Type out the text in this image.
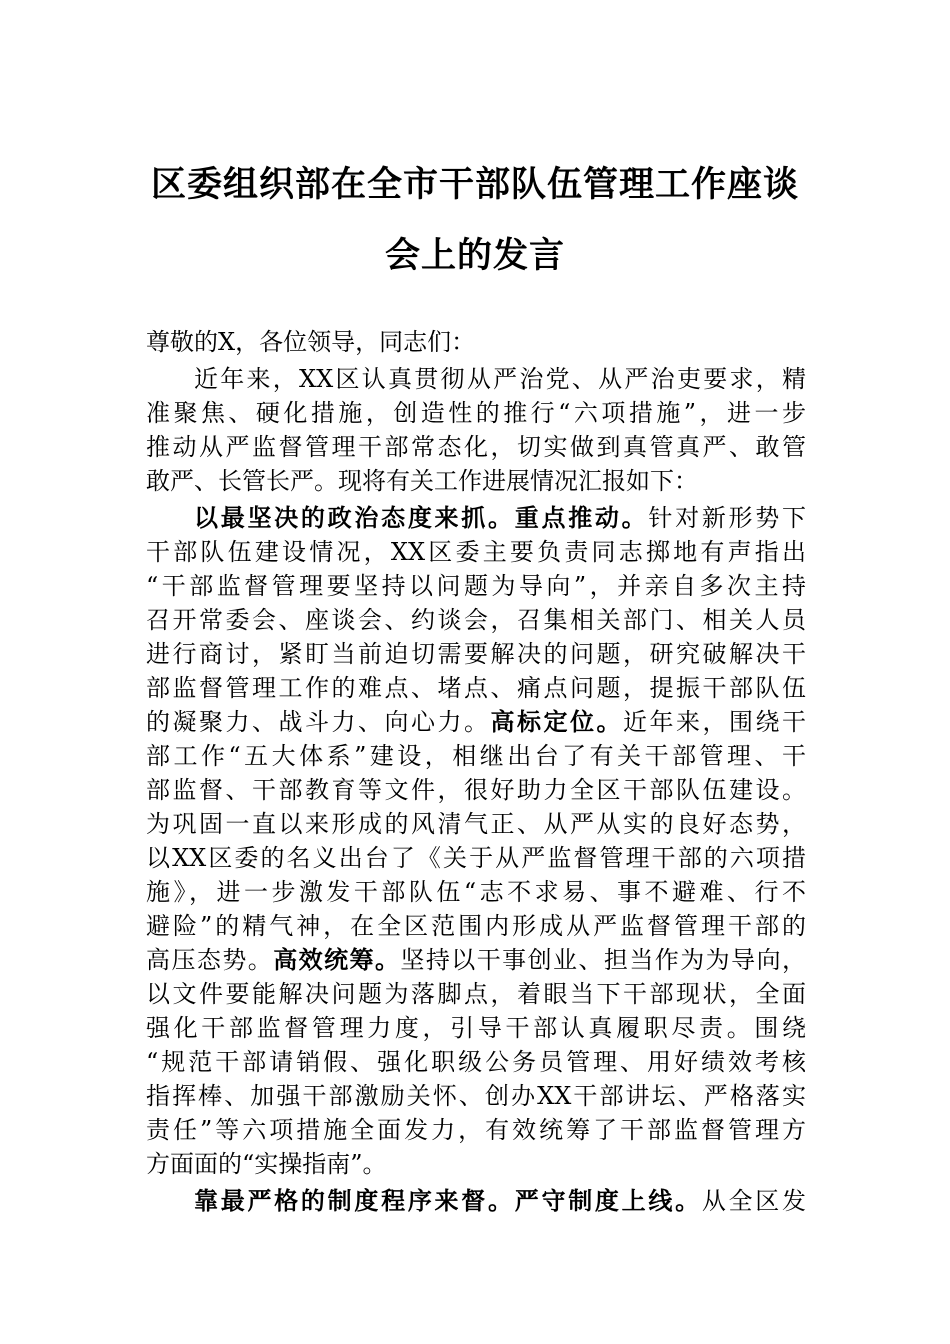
区委组织部在全市干部队伍管理工作座谈
会上的发言
尊敬的X，各位领导，同志们：
近年来，XX区认真贯彻从严治党、从严治吏要求，精
准聚焦、硬化措施，创造性的推行“六项措施”，进一步
推动从严监督管理干部常态化，切实做到真管真严、敢管
敢严、长管长严。现将有关工作进展情况汇报如下：
以最坚决的政治态度来抓。重点推动。针对新形势下
干部队伍建设情况，XX区委主要负责同志掷地有声指出
“干部监督管理要坚持以问题为导向”，并亲自多次主持
召开常委会、座谈会、约谈会，召集相关部门、相关人员
进行商讨，紧盯当前迫切需要解决的问题，研究破解决干
部监督管理工作的难点、堵点、痛点问题，提振干部队伍
的凝聚力、战斗力、向心力。高标定位。近年来，围绕干
部工作“五大体系”建设，相继出台了有关干部管理、干
部监督、干部教育等文件，很好助力全区干部队伍建设。
为巩固一直以来形成的风清气正、从严从实的良好态势，
以XX区委的名义出台了《关于从严监督管理干部的六项措
施》，进一步激发干部队伍“志不求易、事不避难、行不
避险”的精气神，在全区范围内形成从严监督管理干部的
高压态势。高效统筹。坚持以干事创业、担当作为为导向，
以文件要能解决问题为落脚点，着眼当下干部现状，全面
强化干部监督管理力度，引导干部认真履职尽责。围绕
“规范干部请销假、强化职级公务员管理、用好绩效考核
指挥棒、加强干部激励关怀、创办XX干部讲坛、严格落实
责任”等六项措施全面发力，有效统筹了干部监督管理方
方面面的“实操指南”。
靠最严格的制度程序来督。严守制度上线。从全区发
